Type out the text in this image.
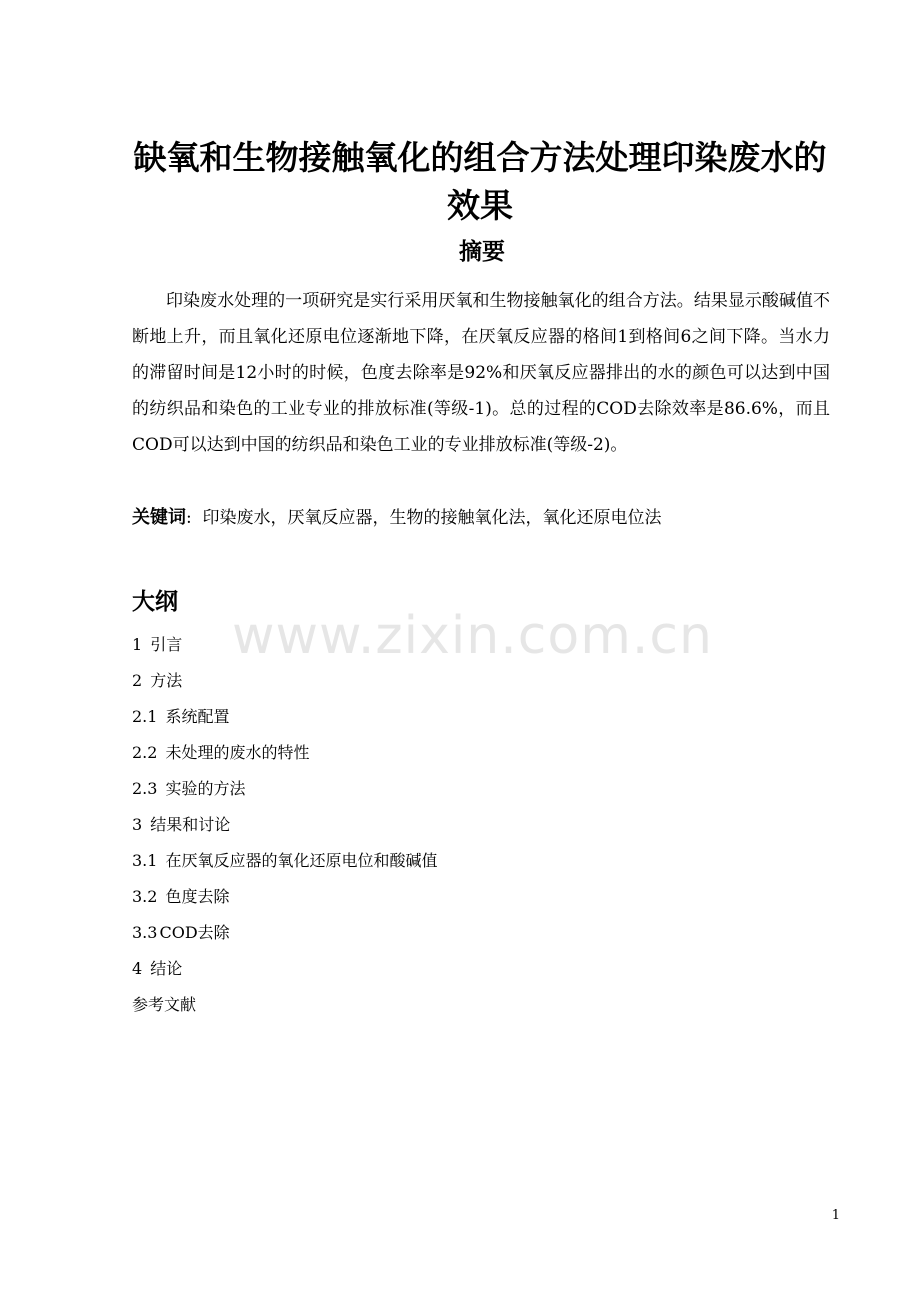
缺氧和生物接触氧化的组合方法处理印染废水的效果
摘要

印染废水处理的一项研究是实行采用厌氧和生物接触氧化的组合方法。结果显示酸碱值不断地上升，而且氧化还原电位逐渐地下降，在厌氧反应器的格间1到格间6之间下降。当水力的滞留时间是12小时的时候，色度去除率是92%和厌氧反应器排出的水的颜色可以达到中国的纺织品和染色的工业专业的排放标准(等级-1)。总的过程的COD去除效率是86.6%，而且COD可以达到中国的纺织品和染色工业的专业排放标准(等级-2)。

关键词: 印染废水，厌氧反应器，生物的接触氧化法，氧化还原电位法

www.zixin.com.cn
大纲
1 引言
2 方法
2.1 系统配置
2.2 未处理的废水的特性
2.3 实验的方法
3 结果和讨论
3.1 在厌氧反应器的氧化还原电位和酸碱值
3.2 色度去除
3.3 COD去除
4 结论
参考文献
1
